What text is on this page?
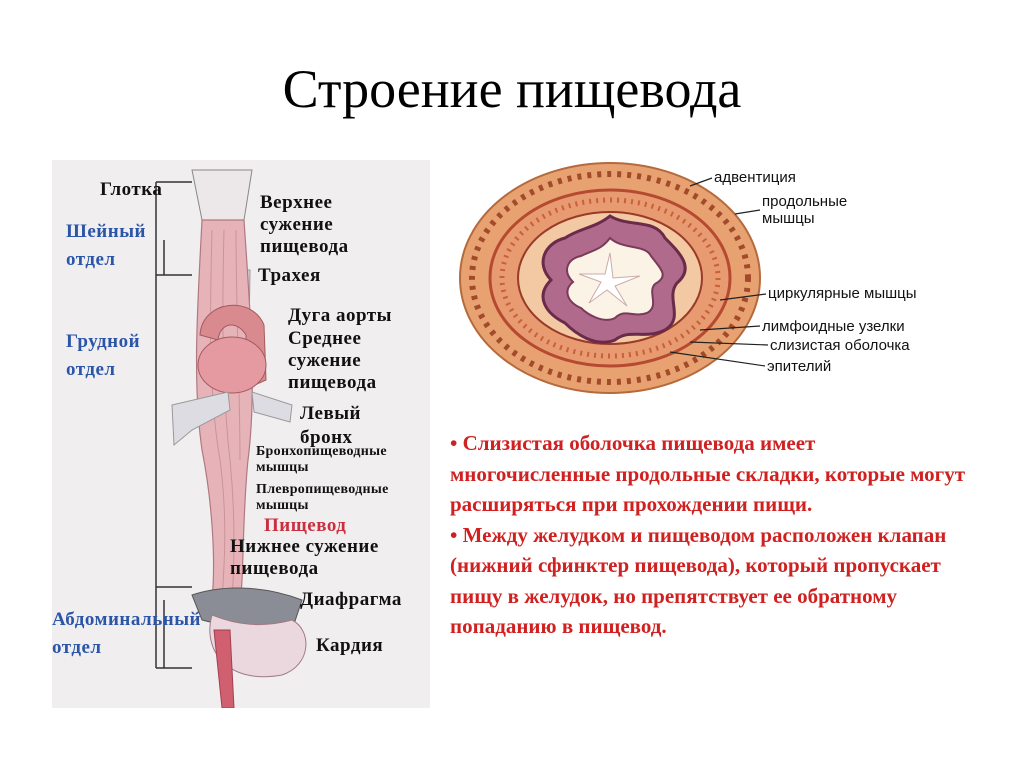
Строение пищевода
Шейный
отдел
Грудной
отдел
Абдоминальный
отдел
Глотка
Верхнее
сужение
пищевода
Трахея
Дуга аорты
Среднее
сужение
пищевода
Левый
бронх
Бронхопищеводные
мышцы
Плевропищеводные
мышцы
Пищевод
Нижнее сужение
пищевода
Диафрагма
Кардия
адвентиция
продольные
мышцы
циркулярные мышцы
лимфоидные узелки
слизистая оболочка
эпителий

• Слизистая оболочка пищевода имеет многочисленные продольные складки, которые могут расширяться при прохождении пищи.

• Между желудком и пищеводом расположен клапан (нижний сфинктер пищевода), который пропускает пищу в желудок, но препятствует ее обратному попаданию в пищевод.
